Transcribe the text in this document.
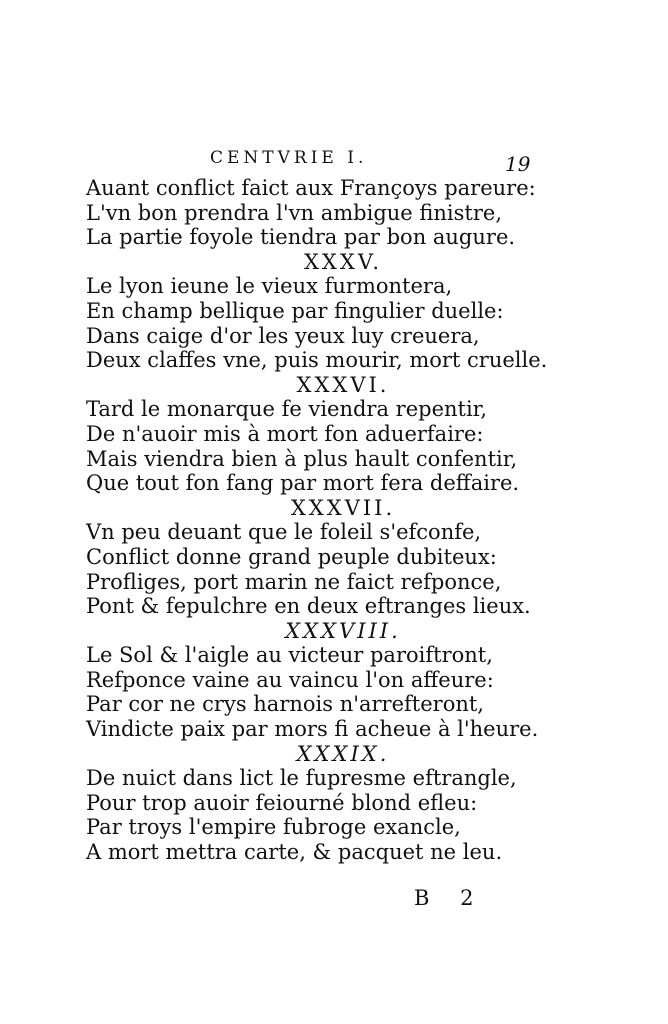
CENTVRIE I.	19

Auant conflict faict aux Françoys pareure:

L'vn bon prendra l'vn ambigue finistre,

La partie foyole tiendra par bon augure.

XXXV.

Le lyon ieune le vieux furmontera,

En champ bellique par fingulier duelle:

Dans caige d'or les yeux luy creuera,

Deux claffes vne, puis mourir, mort cruelle.

XXXVI.

Tard le monarque fe viendra repentir,

De n'auoir mis à mort fon aduerfaire:

Mais viendra bien à plus hault confentir,

Que tout fon fang par mort fera deffaire.

XXXVII.

Vn peu deuant que le foleil s'efconfe,

Conflict donne grand peuple dubiteux:

Profliges, port marin ne faict refponce,

Pont & fepulchre en deux eftranges lieux.

XXXVIII.

Le Sol & l'aigle au victeur paroiftront,

Refponce vaine au vaincu l'on affeure:

Par cor ne crys harnois n'arrefteront,

Vindicte paix par mors fi acheue à l'heure.

XXXIX.

De nuict dans lict le fupresme eftrangle,

Pour trop auoir feiourné blond efleu:

Par troys l'empire fubroge exancle,

A mort mettra carte, & pacquet ne leu.

B 2
